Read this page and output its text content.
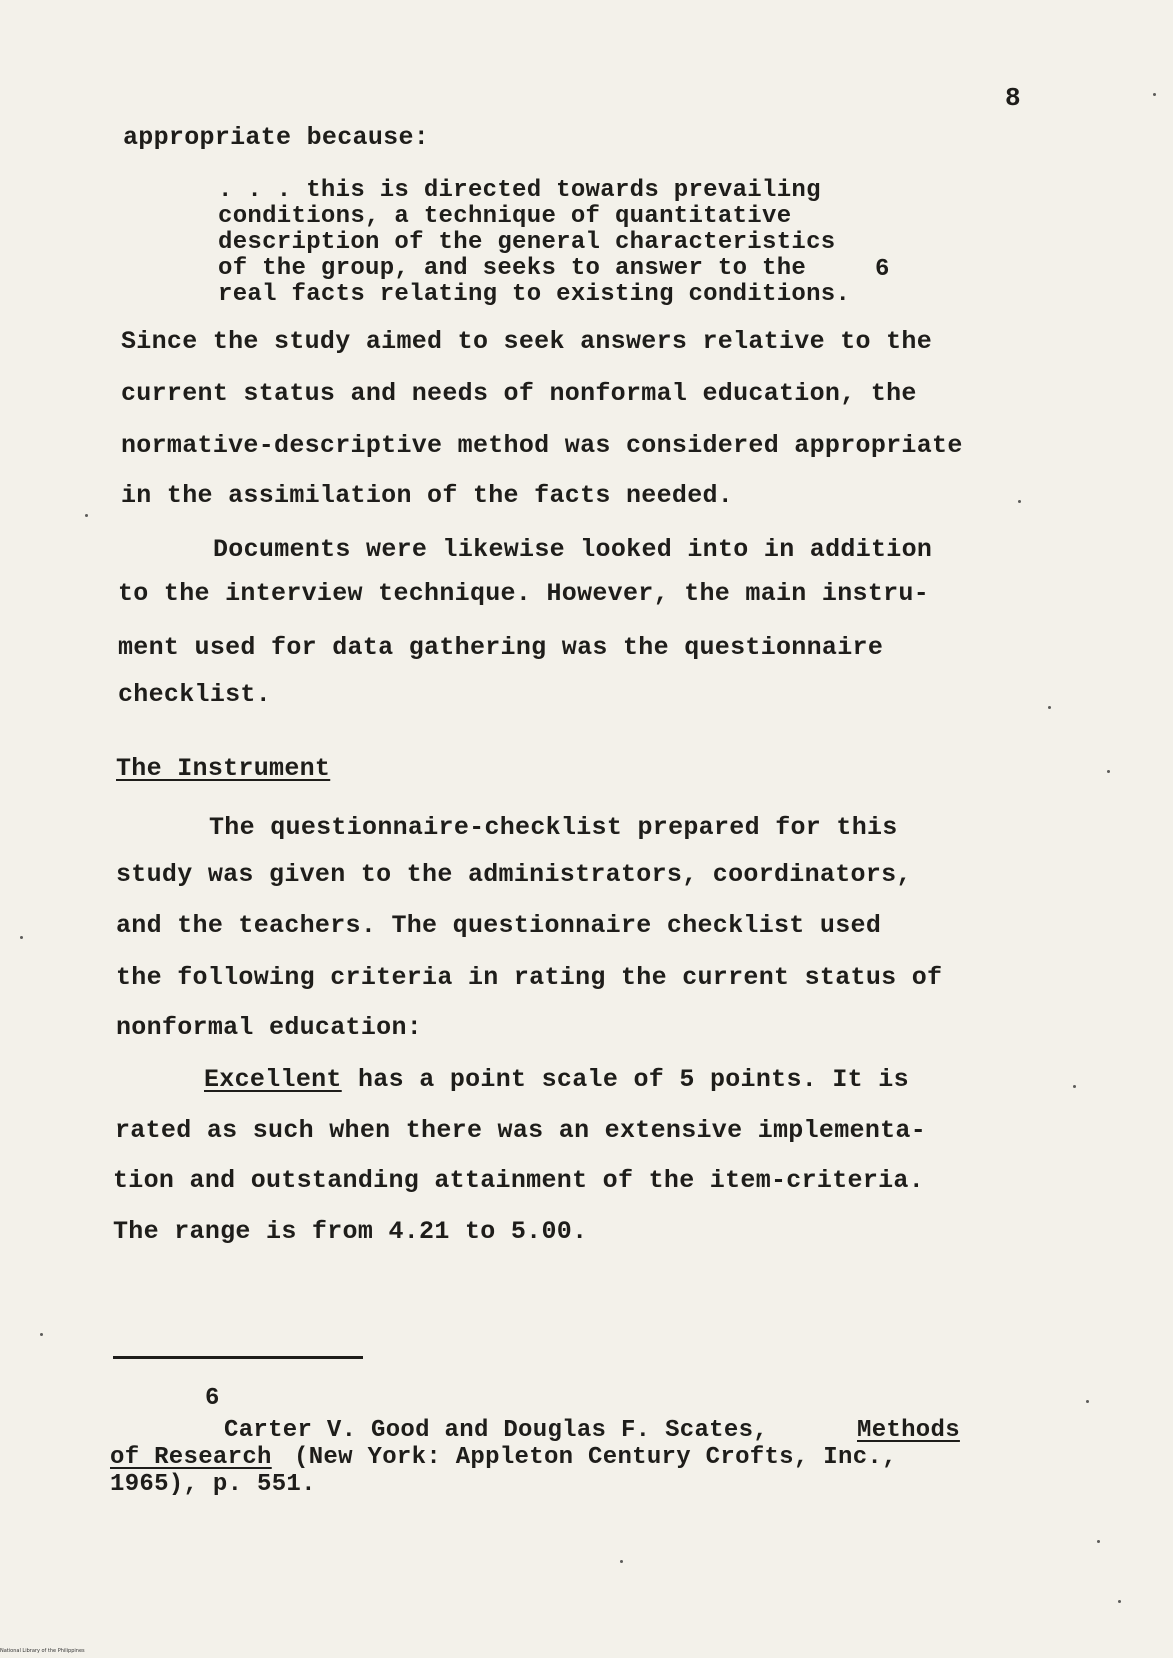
8
appropriate because:
. . . this is directed towards prevailing
conditions, a technique of quantitative
description of the general characteristics
of the group, and seeks to answer to the	6
real facts relating to existing conditions.
Since the study aimed to seek answers relative to the
current status and needs of nonformal education, the
normative-descriptive method was considered appropriate
in the assimilation of the facts needed.
Documents were likewise looked into in addition
to the interview technique. However, the main instru-
ment used for data gathering was the questionnaire
checklist.
The Instrument
The questionnaire-checklist prepared for this
study was given to the administrators, coordinators,
and the teachers. The questionnaire checklist used
the following criteria in rating the current status of
nonformal education:
Excellent has a point scale of 5 points. It is
rated as such when there was an extensive implementa-
tion and outstanding attainment of the item-criteria.
The range is from 4.21 to 5.00.
6
Carter V. Good and Douglas F. Scates,	Methods
of Research (New York: Appleton Century Crofts, Inc.,
1965), p. 551.
National Library of the Philippines
